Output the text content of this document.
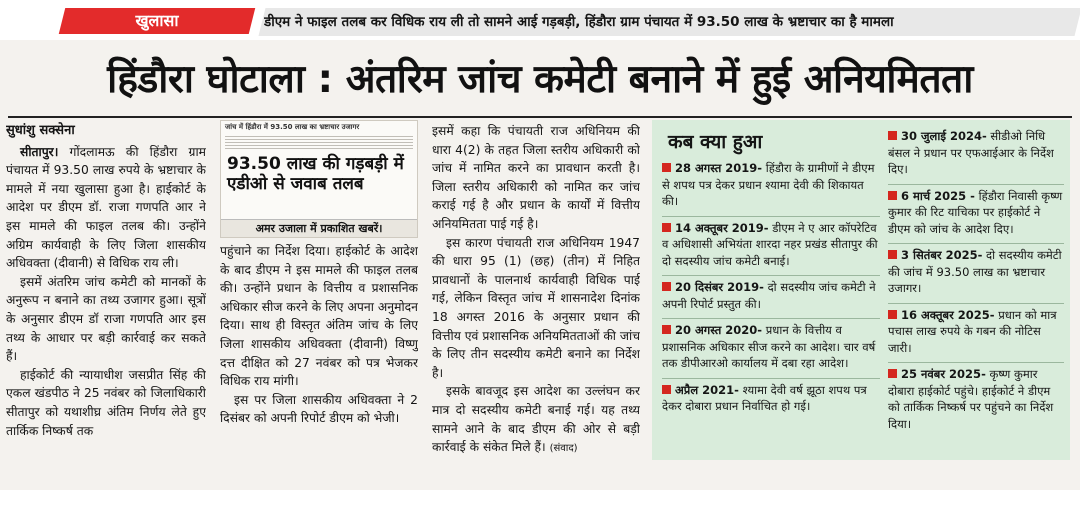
खुलासा	डीएम ने फाइल तलब कर विधिक राय ली तो सामने आई गड़बड़ी, हिंडौरा ग्राम पंचायत में 93.50 लाख के भ्रष्टाचार का है मामला
हिंडौरा घोटाला : अंतरिम जांच कमेटी बनाने में हुई अनियमितता
सुधांशु सक्सेना

सीतापुर। गोंदलामऊ की हिंडौरा ग्राम पंचायत में 93.50 लाख रुपये के भ्रष्टाचार के मामले में नया खुलासा हुआ है। हाईकोर्ट के आदेश पर डीएम डॉ. राजा गणपति आर ने इस मामले की फाइल तलब की। उन्होंने अग्रिम कार्यवाही के लिए जिला शासकीय अधिवक्ता (दीवानी) से विधिक राय ली।

इसमें अंतरिम जांच कमेटी को मानकों के अनुरूप न बनाने का तथ्य उजागर हुआ। सूत्रों के अनुसार डीएम डॉ राजा गणपति आर इस तथ्य के आधार पर बड़ी कार्रवाई कर सकते हैं।

हाईकोर्ट की न्यायाधीश जसप्रीत सिंह की एकल खंडपीठ ने 25 नवंबर को जिलाधिकारी सीतापुर को यथाशीघ्र अंतिम निर्णय लेते हुए तार्किक निष्कर्ष तक

जांच में हिंडौरा में 93.50 लाख का भ्रष्टाचार उजागर
93.50 लाख की गड़बड़ी में एडीओ से जवाब तलब
अमर उजाला में प्रकाशित खबरें।

पहुंचाने का निर्देश दिया। हाईकोर्ट के आदेश के बाद डीएम ने इस मामले की फाइल तलब की। उन्होंने प्रधान के वित्तीय व प्रशासनिक अधिकार सीज करने के लिए अपना अनुमोदन दिया। साथ ही विस्तृत अंतिम जांच के लिए जिला शासकीय अधिवक्ता (दीवानी) विष्णु दत्त दीक्षित को 27 नवंबर को पत्र भेजकर विधिक राय मांगी।

इस पर जिला शासकीय अधिवक्ता ने 2 दिसंबर को अपनी रिपोर्ट डीएम को भेजी।

इसमें कहा कि पंचायती राज अधिनियम की धारा 4(2) के तहत जिला स्तरीय अधिकारी को जांच में नामित करने का प्रावधान करती है। जिला स्तरीय अधिकारी को नामित कर जांच कराई गई है और प्रधान के कार्यों में वित्तीय अनियमितता पाई गई है।

इस कारण पंचायती राज अधिनियम 1947 की धारा 95 (1) (छह) (तीन) में निहित प्रावधानों के पालनार्थ कार्यवाही विधिक पाई गई, लेकिन विस्तृत जांच में शासनादेश दिनांक 18 अगस्त 2016 के अनुसार प्रधान की वित्तीय एवं प्रशासनिक अनियमितताओं की जांच के लिए तीन सदस्यीय कमेटी बनाने का निर्देश है।

इसके बावजूद इस आदेश का उल्लंघन कर मात्र दो सदस्यीय कमेटी बनाई गई। यह तथ्य सामने आने के बाद डीएम की ओर से बड़ी कार्रवाई के संकेत मिले हैं। (संवाद)

कब क्या हुआ
28 अगस्त 2019- हिंडौरा के ग्रामीणों ने डीएम से शपथ पत्र देकर प्रधान श्यामा देवी की शिकायत की।
14 अक्तूबर 2019- डीएम ने ए आर कॉपरेटिव व अधिशासी अभियंता शारदा नहर प्रखंड सीतापुर की दो सदस्यीय जांच कमेटी बनाई।
20 दिसंबर 2019- दो सदस्यीय जांच कमेटी ने अपनी रिपोर्ट प्रस्तुत की।
20 अगस्त 2020- प्रधान के वित्तीय व प्रशासनिक अधिकार सीज करने का आदेश। चार वर्ष तक डीपीआरओ कार्यालय में दबा रहा आदेश।
अप्रैल 2021- श्यामा देवी वर्ष झूठा शपथ पत्र देकर दोबारा प्रधान निर्वाचित हो गई।
30 जुलाई 2024- सीडीओ निधि बंसल ने प्रधान पर एफआईआर के निर्देश दिए।
6 मार्च 2025 - हिंडौरा निवासी कृष्ण कुमार की रिट याचिका पर हाईकोर्ट ने डीएम को जांच के आदेश दिए।
3 सितंबर 2025- दो सदस्यीय कमेटी की जांच में 93.50 लाख का भ्रष्टाचार उजागर।
16 अक्तूबर 2025- प्रधान को मात्र पचास लाख रुपये के गबन की नोटिस जारी।
25 नवंबर 2025- कृष्ण कुमार दोबारा हाईकोर्ट पहुंचे। हाईकोर्ट ने डीएम को तार्किक निष्कर्ष पर पहुंचने का निर्देश दिया।
